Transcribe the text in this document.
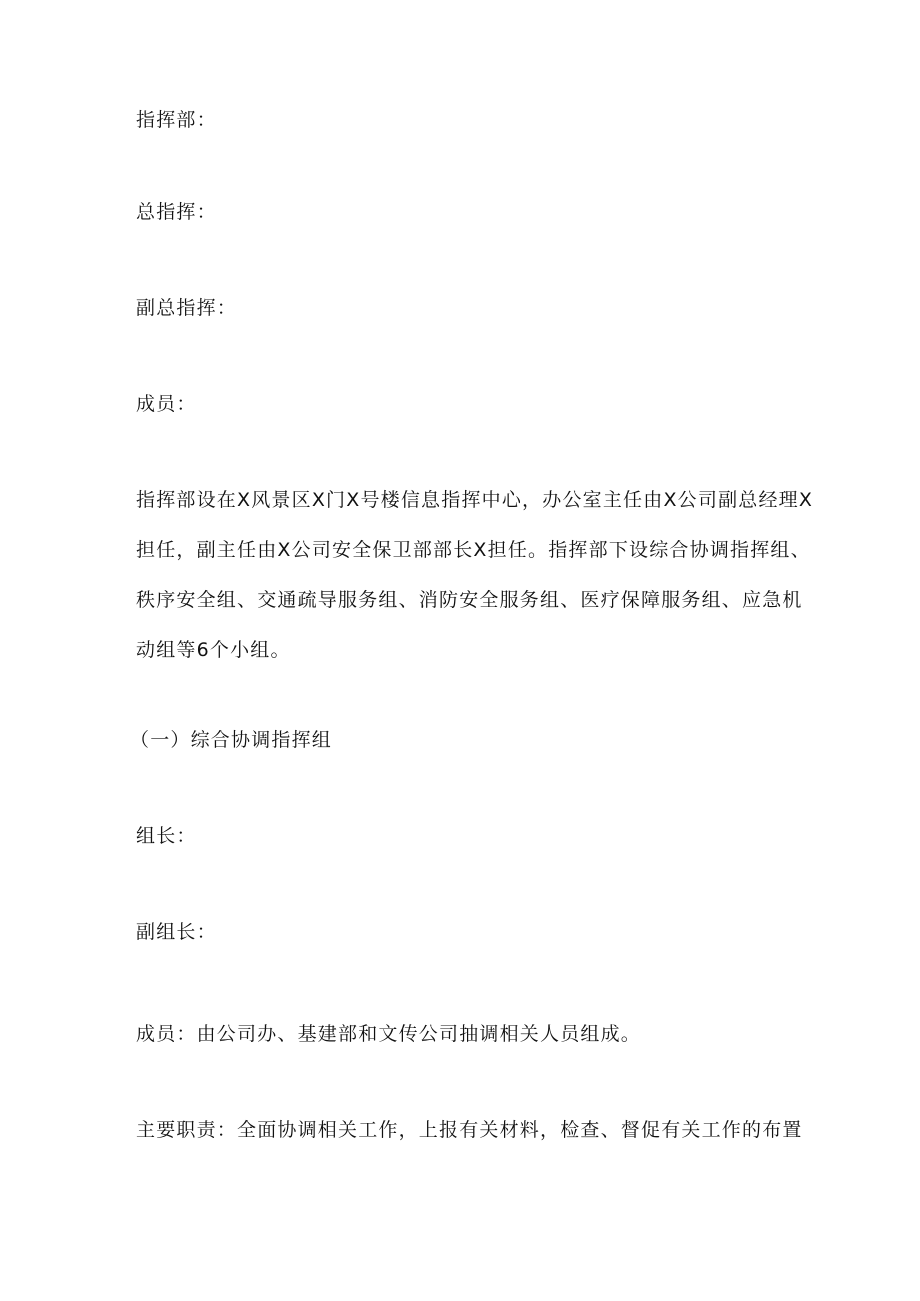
指挥部：

总指挥：

副总指挥：

成员：

指挥部设在X风景区X门X号楼信息指挥中心，办公室主任由X公司副总经理X
担任，副主任由X公司安全保卫部部长X担任。指挥部下设综合协调指挥组、
秩序安全组、交通疏导服务组、消防安全服务组、医疗保障服务组、应急机
动组等6个小组。

（一）综合协调指挥组

组长：

副组长：

成员：由公司办、基建部和文传公司抽调相关人员组成。

主要职责：全面协调相关工作，上报有关材料，检查、督促有关工作的布置
